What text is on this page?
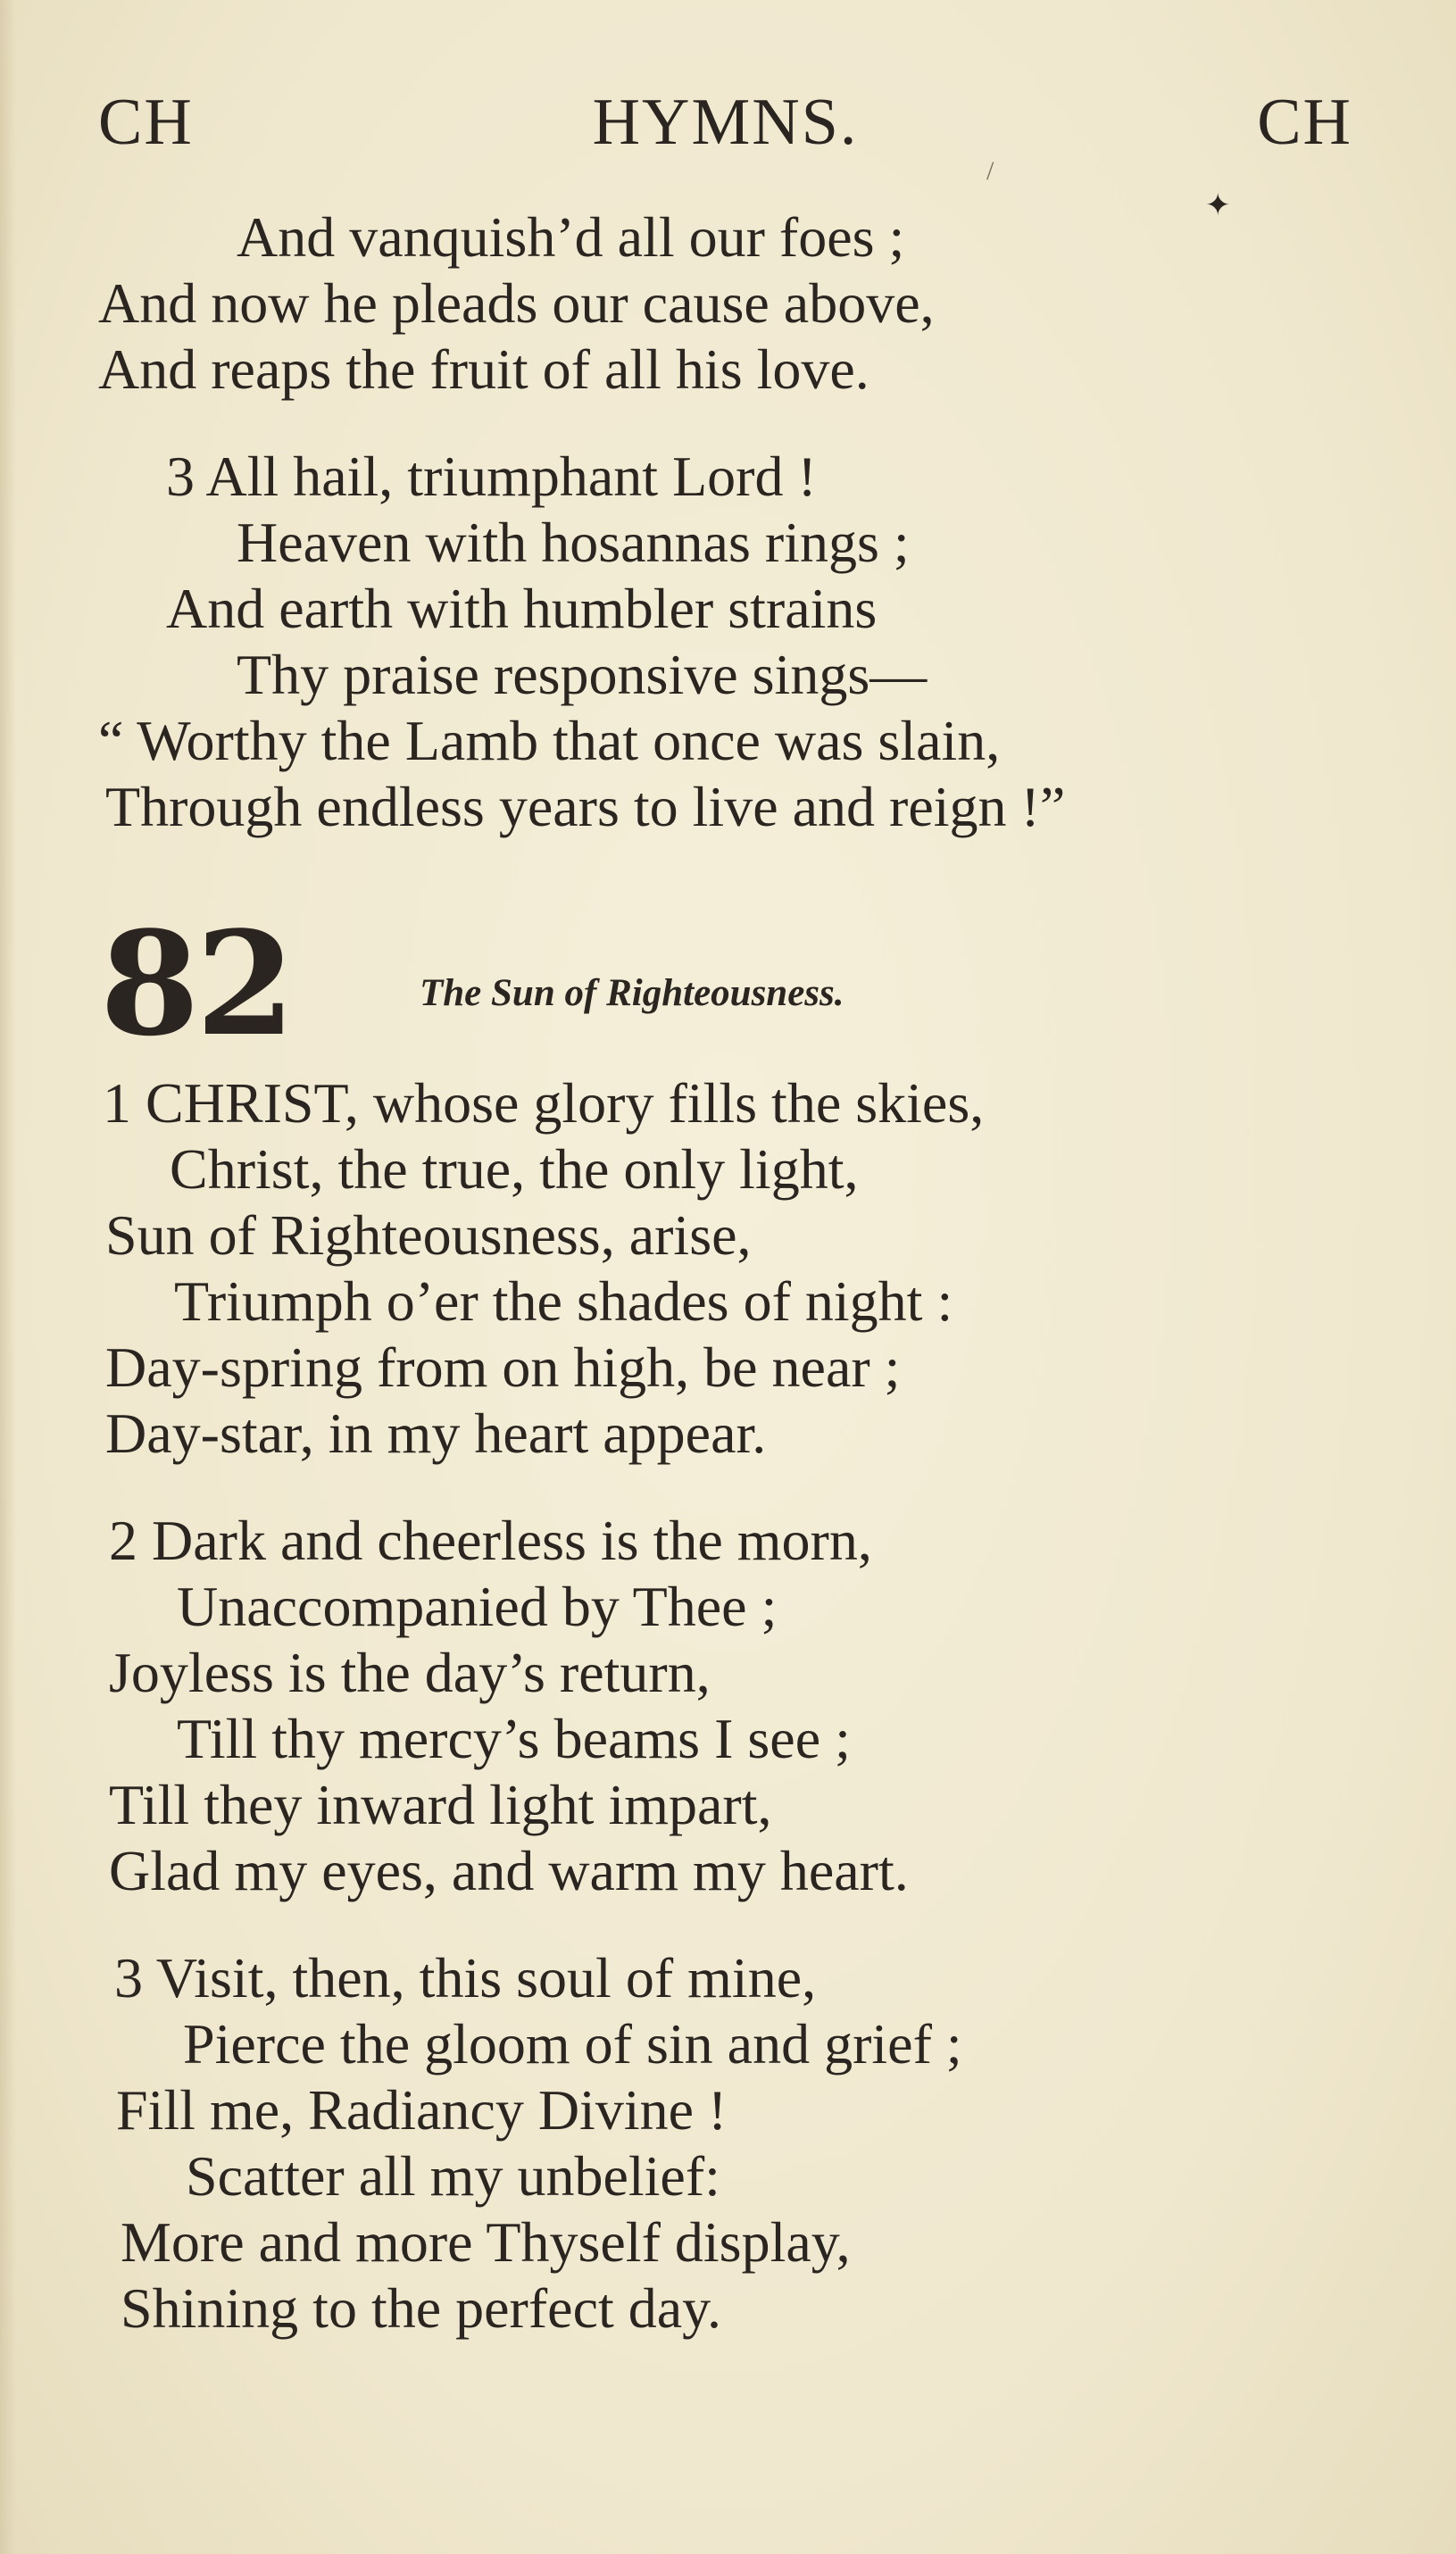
CH	HYMNS.	CH
And vanquish’d all our foes ;
And now he pleads our cause above,
And reaps the fruit of all his love.
3 All hail, triumphant Lord !
Heaven with hosannas rings ;
And earth with humbler strains
Thy praise responsive sings—
“ Worthy the Lamb that once was slain,
Through endless years to live and reign !”
82	The Sun of Righteousness.
1 CHRIST, whose glory fills the skies,
Christ, the true, the only light,
Sun of Righteousness, arise,
Triumph o’er the shades of night :
Day-spring from on high, be near ;
Day-star, in my heart appear.
2 Dark and cheerless is the morn,
Unaccompanied by Thee ;
Joyless is the day’s return,
Till thy mercy’s beams I see ;
Till they inward light impart,
Glad my eyes, and warm my heart.
3 Visit, then, this soul of mine,
Pierce the gloom of sin and grief ;
Fill me, Radiancy Divine !
Scatter all my unbelief:
More and more Thyself display,
Shining to the perfect day.
✦
/
